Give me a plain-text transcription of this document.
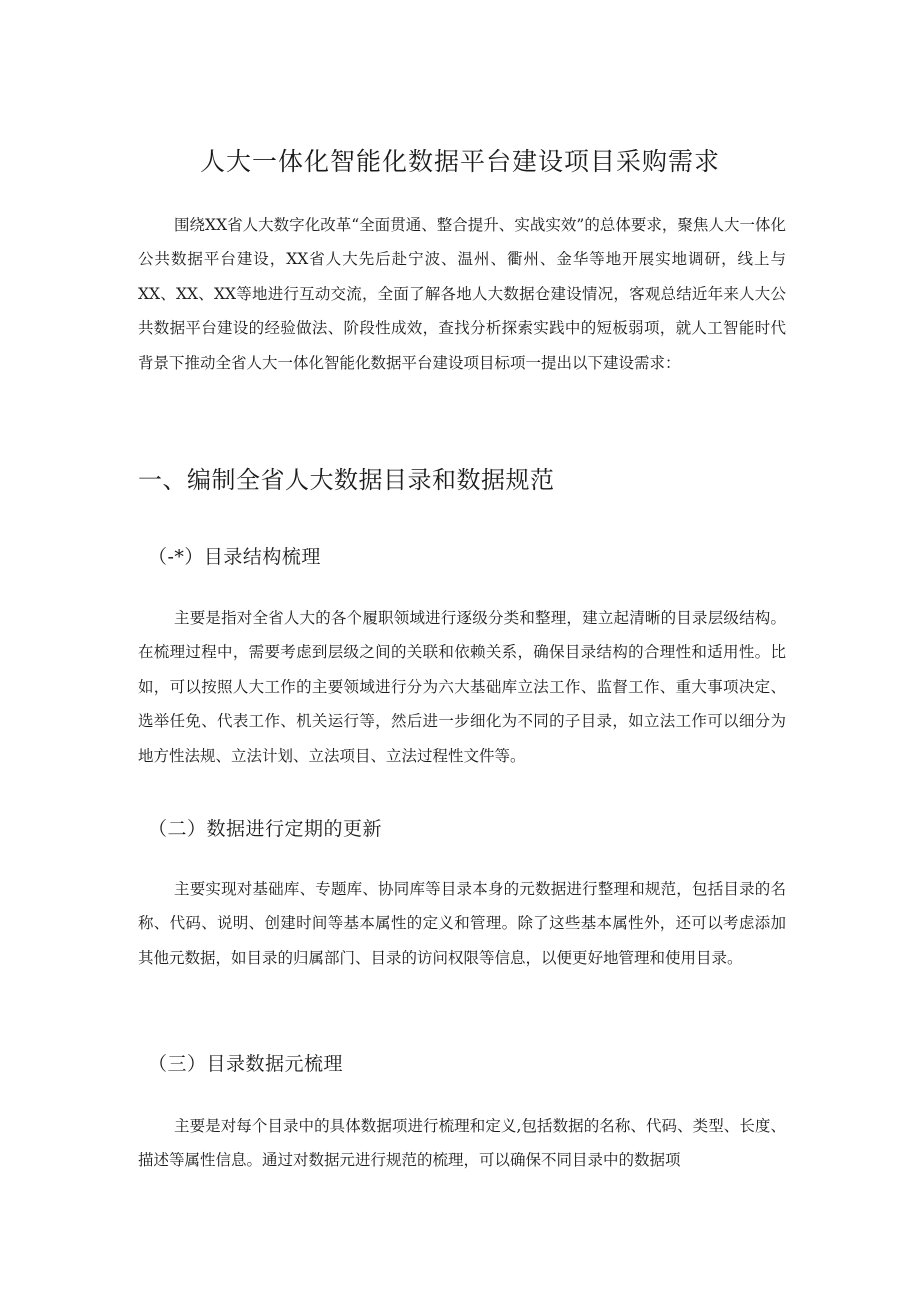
人大一体化智能化数据平台建设项目采购需求

围绕XX省人大数字化改革“全面贯通、整合提升、实战实效”的总体要求，聚焦人大一体化公共数据平台建设，XX省人大先后赴宁波、温州、衢州、金华等地开展实地调研，线上与XX、XX、XX等地进行互动交流，全面了解各地人大数据仓建设情况，客观总结近年来人大公共数据平台建设的经验做法、阶段性成效，查找分析探索实践中的短板弱项，就人工智能时代背景下推动全省人大一体化智能化数据平台建设项目标项一提出以下建设需求：

一、编制全省人大数据目录和数据规范
（-*）目录结构梳理

主要是指对全省人大的各个履职领域进行逐级分类和整理，建立起清晰的目录层级结构。在梳理过程中，需要考虑到层级之间的关联和依赖关系，确保目录结构的合理性和适用性。比如，可以按照人大工作的主要领域进行分为六大基础库立法工作、监督工作、重大事项决定、选举任免、代表工作、机关运行等，然后进一步细化为不同的子目录，如立法工作可以细分为地方性法规、立法计划、立法项目、立法过程性文件等。

（二）数据进行定期的更新

主要实现对基础库、专题库、协同库等目录本身的元数据进行整理和规范，包括目录的名称、代码、说明、创建时间等基本属性的定义和管理。除了这些基本属性外，还可以考虑添加其他元数据，如目录的归属部门、目录的访问权限等信息，以便更好地管理和使用目录。

（三）目录数据元梳理

主要是对每个目录中的具体数据项进行梳理和定义,包括数据的名称、代码、类型、长度、描述等属性信息。通过对数据元进行规范的梳理，可以确保不同目录中的数据项
